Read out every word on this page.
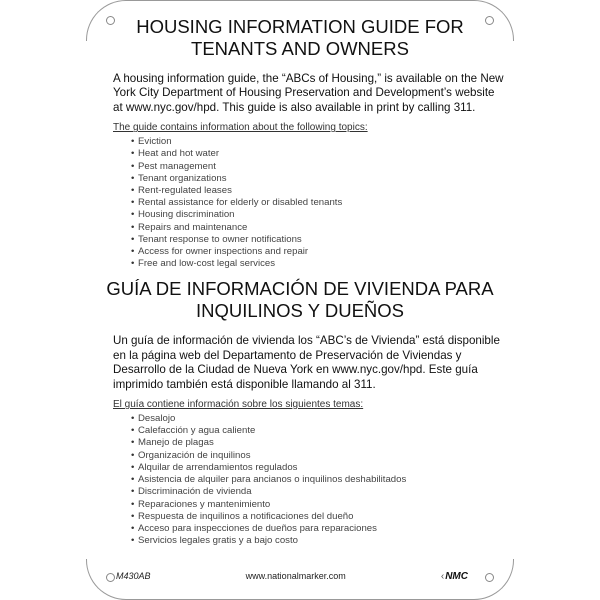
HOUSING INFORMATION GUIDE FOR
TENANTS AND OWNERS
A housing information guide, the “ABCs of Housing,” is available on the New York City Department of Housing Preservation and Development’s website at www.nyc.gov/hpd. This guide is also available in print by calling 311.
The guide contains information about the following topics:
• Eviction
• Heat and hot water
• Pest management
• Tenant organizations
• Rent-regulated leases
• Rental assistance for elderly or disabled tenants
• Housing discrimination
• Repairs and maintenance
• Tenant response to owner notifications
• Access for owner inspections and repair
• Free and low-cost legal services
GUÍA DE INFORMACIÓN DE VIVIENDA PARA
INQUILINOS Y DUEÑOS
Un guía de información de vivienda los “ABC’s de Vivienda” está disponible en la página web del Departamento de Preservación de Viviendas y Desarrollo de la Ciudad de Nueva York en www.nyc.gov/hpd. Este guía imprimido también está disponible llamando al 311.
El guía contiene información sobre los siguientes temas:
• Desalojo
• Calefacción y agua caliente
• Manejo de plagas
• Organización de inquilinos
• Alquilar de arrendamientos regulados
• Asistencia de alquiler para ancianos o inquilinos deshabilitados
• Discriminación de vivienda
• Reparaciones y mantenimiento
• Respuesta de inquilinos a notificaciones del dueño
• Acceso para inspecciones de dueños para reparaciones
• Servicios legales gratis y a bajo costo
M430AB	www.nationalmarker.com	‹NMC
